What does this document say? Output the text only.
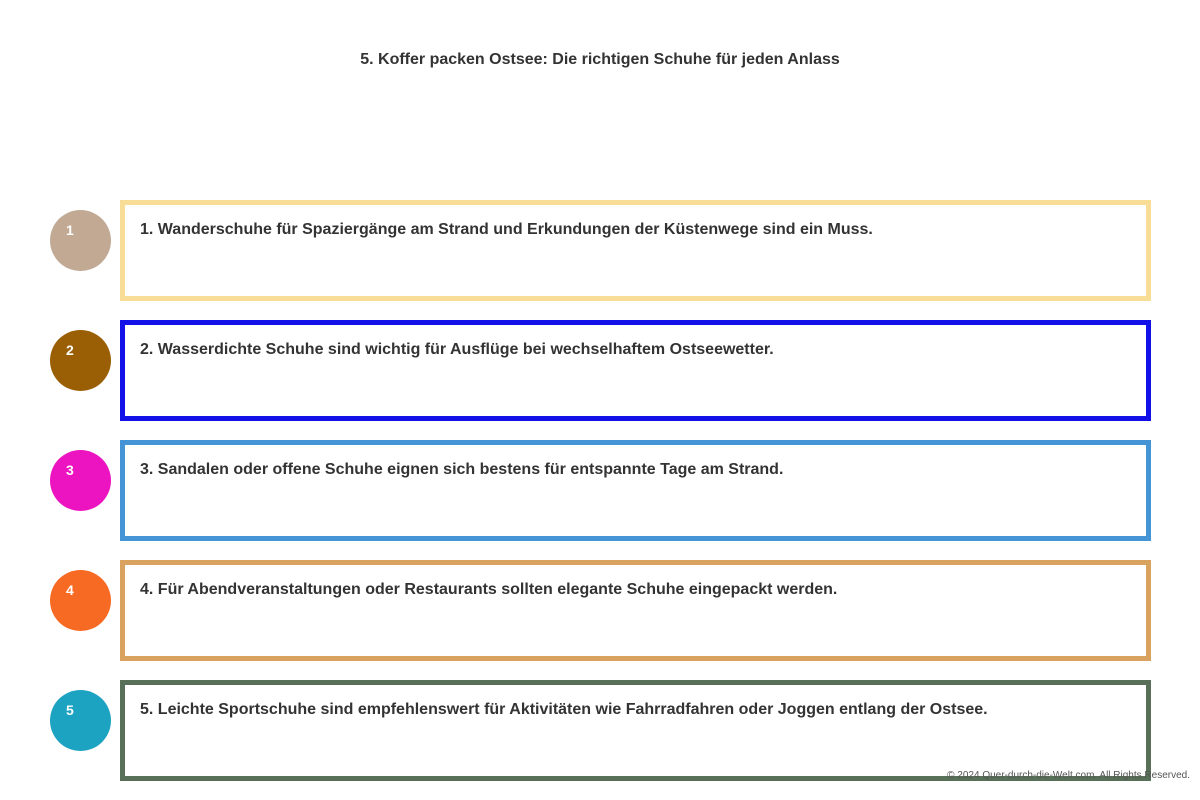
5. Koffer packen Ostsee: Die richtigen Schuhe für jeden Anlass
1	1. Wanderschuhe für Spaziergänge am Strand und Erkundungen der Küstenwege sind ein Muss.
2	2. Wasserdichte Schuhe sind wichtig für Ausflüge bei wechselhaftem Ostseewetter.
3	3. Sandalen oder offene Schuhe eignen sich bestens für entspannte Tage am Strand.
4	4. Für Abendveranstaltungen oder Restaurants sollten elegante Schuhe eingepackt werden.
5	5. Leichte Sportschuhe sind empfehlenswert für Aktivitäten wie Fahrradfahren oder Joggen entlang der Ostsee.
© 2024 Quer-durch-die-Welt.com. All Rights Reserved.
